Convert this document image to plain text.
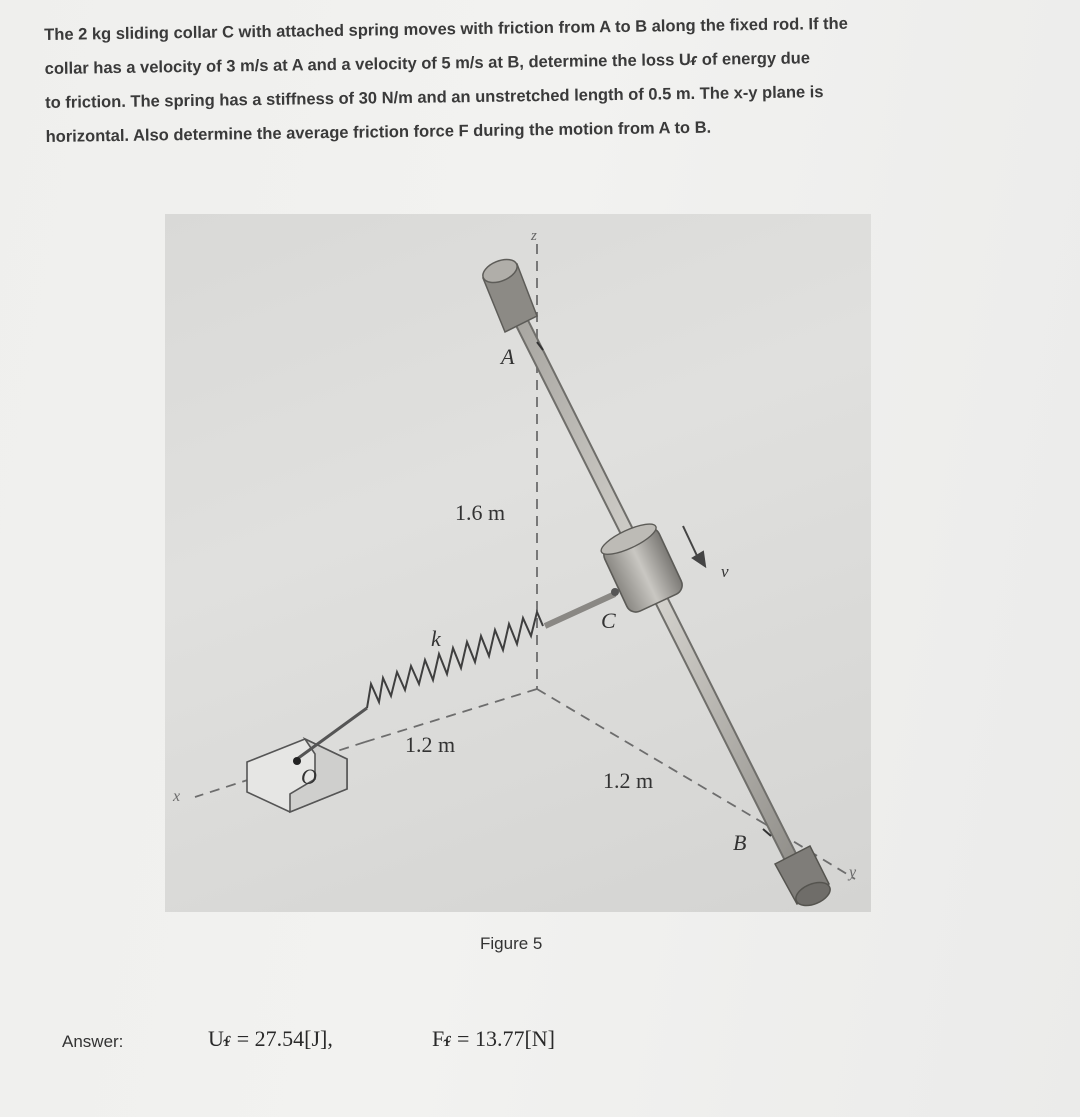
The 2 kg sliding collar C with attached spring moves with friction from A to B along the fixed rod. If the
collar has a velocity of 3 m/s at A and a velocity of 5 m/s at B, determine the loss Uᵳ of energy due
to friction. The spring has a stiffness of 30 N/m and an unstretched length of 0.5 m. The x-y plane is
horizontal. Also determine the average friction force F during the motion from A to B.

z
A
1.6 m
k
C
v
1.2 m
O	1.2 m
B
x
y
Figure 5
Answer:	Uᵳ = 27.54[J],	Fᵳ = 13.77[N]
